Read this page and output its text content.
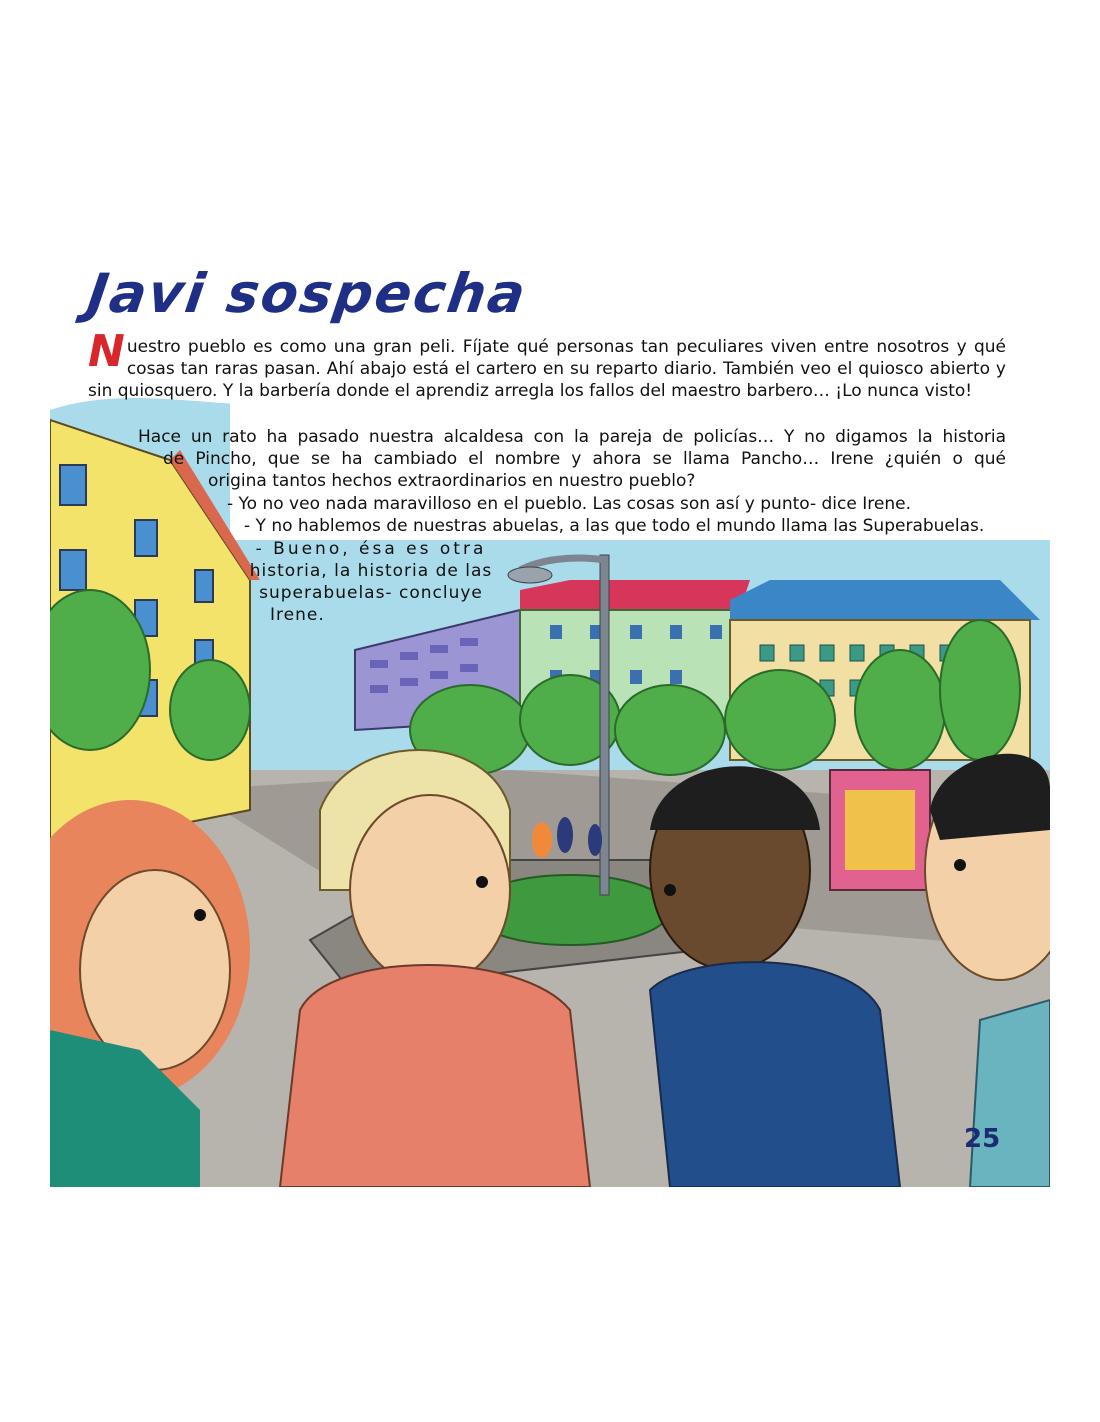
Javi sospecha
Nuestro pueblo es como una gran peli. Fíjate qué personas tan peculiares viven entre nosotros y qué cosas tan raras pasan. Ahí abajo está el cartero en su reparto diario. También veo el quiosco abierto y sin quiosquero. Y la barbería donde el aprendiz arregla los fallos del maestro barbero… ¡Lo nunca visto!
Hace un rato ha pasado nuestra alcaldesa con la pareja de policías… Y no digamos la historia
de Pincho, que se ha cambiado el nombre y ahora se llama Pancho… Irene ¿quién o qué
origina tantos hechos extraordinarios en nuestro pueblo?
- Yo no veo nada maravilloso en el pueblo. Las cosas son así y punto- dice Irene.
- Y no hablemos de nuestras abuelas, a las que todo el mundo llama las Superabuelas.
- Bueno, ésa es otra
historia, la historia de las
superabuelas- concluye
Irene.
25
